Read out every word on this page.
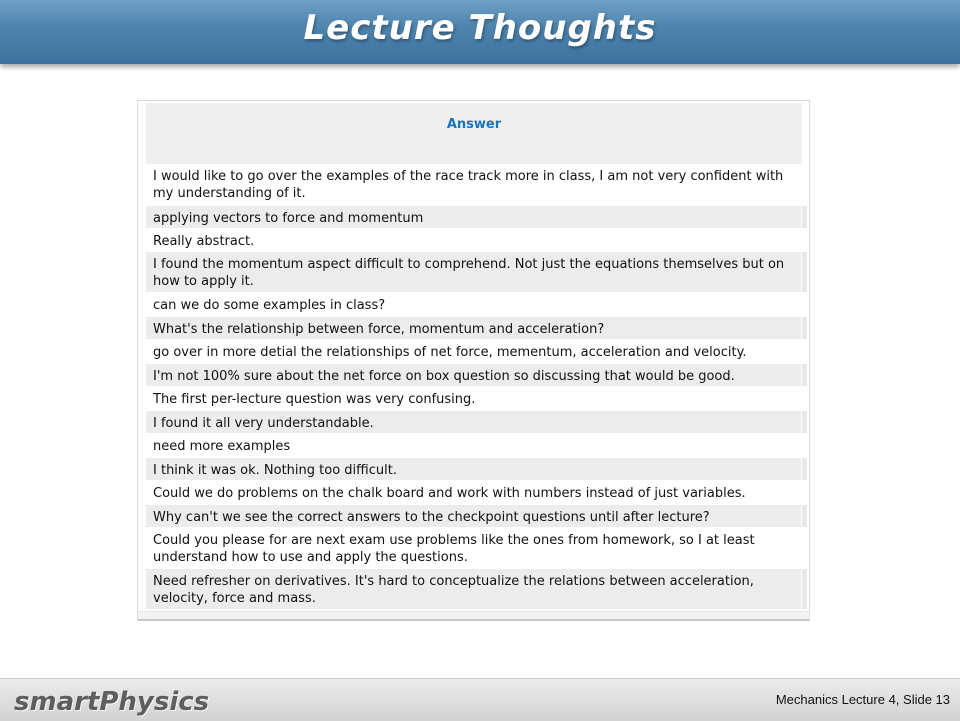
Lecture Thoughts
Answer
I would like to go over the examples of the race track more in class, I am not very confident with my understanding of it.
applying vectors to force and momentum
Really abstract.
I found the momentum aspect difficult to comprehend. Not just the equations themselves but on how to apply it.
can we do some examples in class?
What's the relationship between force, momentum and acceleration?
go over in more detial the relationships of net force, mementum, acceleration and velocity.
I'm not 100% sure about the net force on box question so discussing that would be good.
The first per-lecture question was very confusing.
I found it all very understandable.
need more examples
I think it was ok. Nothing too difficult.
Could we do problems on the chalk board and work with numbers instead of just variables.
Why can't we see the correct answers to the checkpoint questions until after lecture?
Could you please for are next exam use problems like the ones from homework, so I at least understand how to use and apply the questions.
Need refresher on derivatives. It's hard to conceptualize the relations between acceleration, velocity, force and mass.
smartPhysics	Mechanics Lecture 4, Slide 13
